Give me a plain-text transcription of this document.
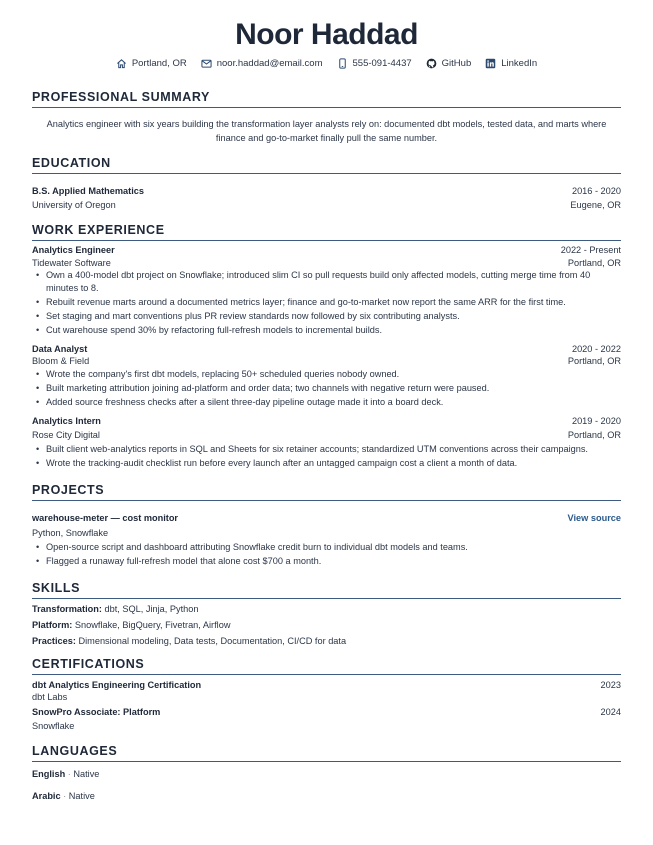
Noor Haddad
Portland, OR	noor.haddad@email.com	555-091-4437	GitHub	LinkedIn
PROFESSIONAL SUMMARY
Analytics engineer with six years building the transformation layer analysts rely on: documented dbt models, tested data, and marts where finance and go-to-market finally pull the same number.
EDUCATION
B.S. Applied Mathematics	2016 - 2020
University of Oregon	Eugene, OR
WORK EXPERIENCE
Analytics Engineer	2022 - Present
Tidewater Software	Portland, OR
• Own a 400-model dbt project on Snowflake; introduced slim CI so pull requests build only affected models, cutting merge time from 40 minutes to 8.
• Rebuilt revenue marts around a documented metrics layer; finance and go-to-market now report the same ARR for the first time.
• Set staging and mart conventions plus PR review standards now followed by six contributing analysts.
• Cut warehouse spend 30% by refactoring full-refresh models to incremental builds.
Data Analyst	2020 - 2022
Bloom & Field	Portland, OR
• Wrote the company's first dbt models, replacing 50+ scheduled queries nobody owned.
• Built marketing attribution joining ad-platform and order data; two channels with negative return were paused.
• Added source freshness checks after a silent three-day pipeline outage made it into a board deck.
Analytics Intern	2019 - 2020
Rose City Digital	Portland, OR
• Built client web-analytics reports in SQL and Sheets for six retainer accounts; standardized UTM conventions across their campaigns.
• Wrote the tracking-audit checklist run before every launch after an untagged campaign cost a client a month of data.
PROJECTS
warehouse-meter — cost monitor	View source
Python, Snowflake
• Open-source script and dashboard attributing Snowflake credit burn to individual dbt models and teams.
• Flagged a runaway full-refresh model that alone cost $700 a month.
SKILLS
Transformation: dbt, SQL, Jinja, Python
Platform: Snowflake, BigQuery, Fivetran, Airflow
Practices: Dimensional modeling, Data tests, Documentation, CI/CD for data
CERTIFICATIONS
dbt Analytics Engineering Certification	2023
dbt Labs
SnowPro Associate: Platform	2024
Snowflake
LANGUAGES
English · Native
Arabic · Native
